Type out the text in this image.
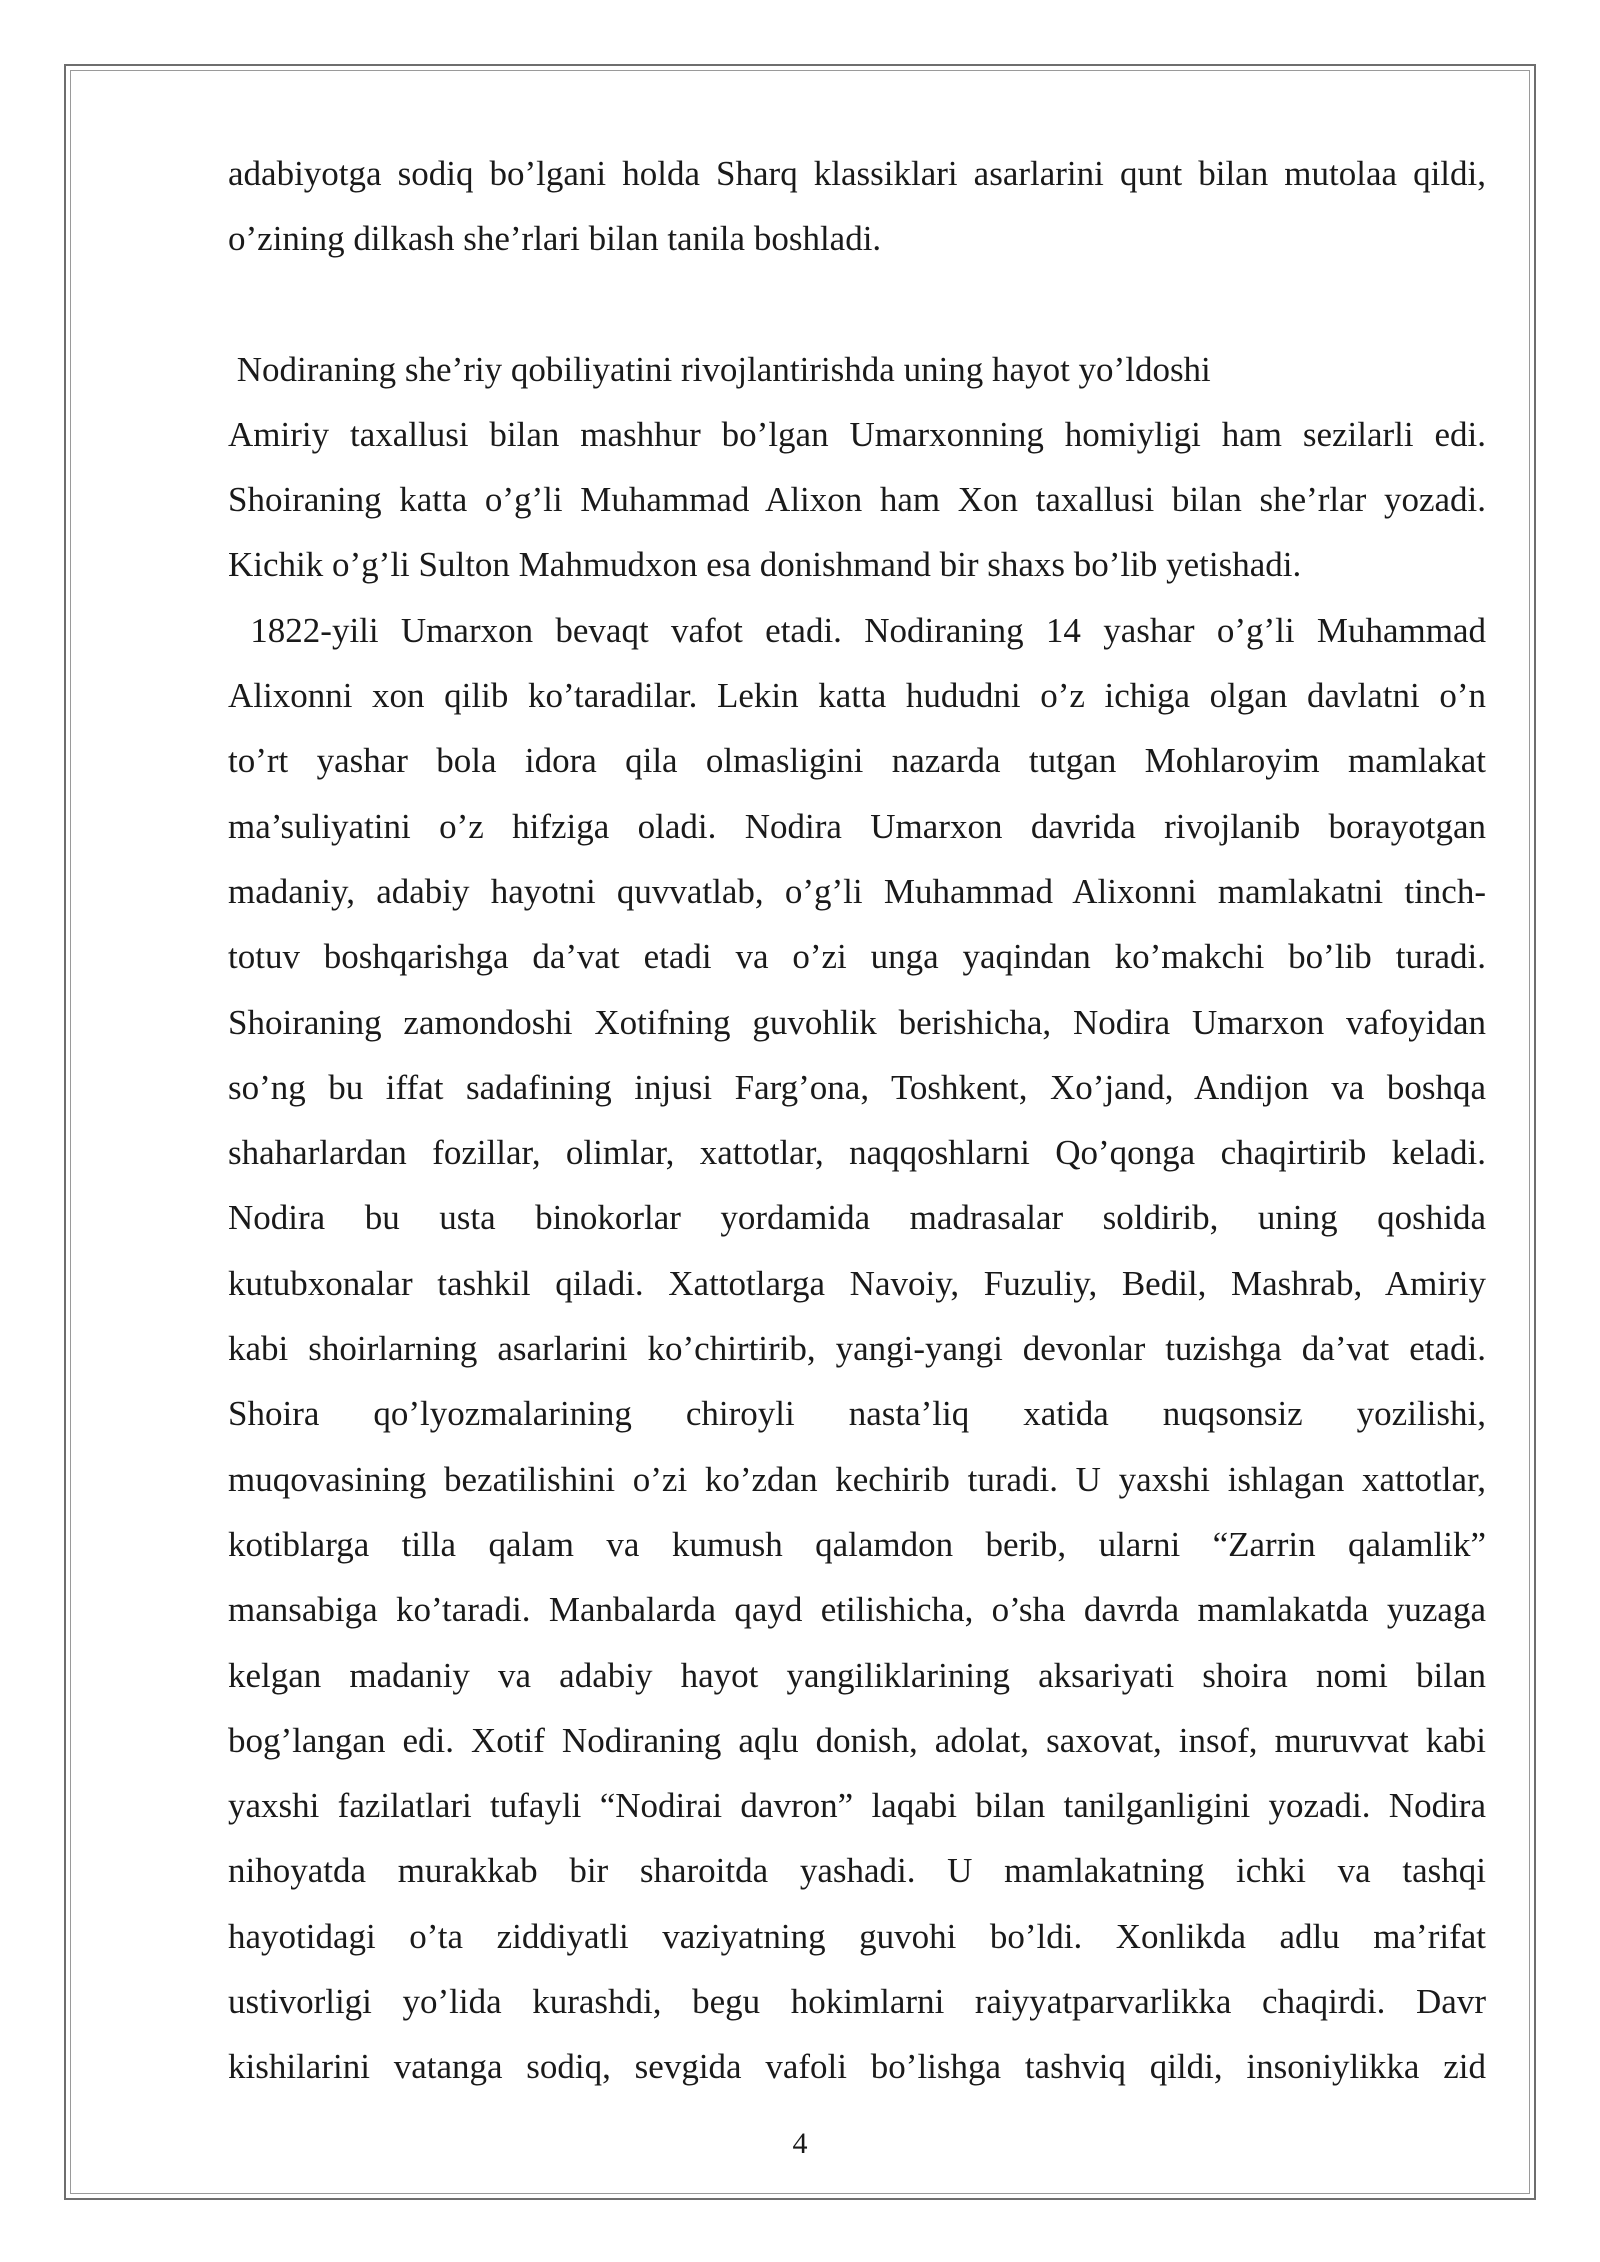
adabiyotga sodiq bo’lgani holda Sharq klassiklari asarlarini qunt bilan mutolaa qildi,
o’zining dilkash she’rlari bilan tanila boshladi.

Nodiraning she’riy qobiliyatini rivojlantirishda uning hayot yo’ldoshi
Amiriy taxallusi bilan mashhur bo’lgan Umarxonning homiyligi ham sezilarli edi.
Shoiraning katta o’g’li Muhammad Alixon ham Xon taxallusi bilan she’rlar yozadi.
Kichik o’g’li Sulton Mahmudxon esa donishmand bir shaxs bo’lib yetishadi.

1822-yili Umarxon bevaqt vafot etadi. Nodiraning 14 yashar o’g’li Muhammad
Alixonni xon qilib ko’taradilar. Lekin katta hududni o’z ichiga olgan davlatni o’n
to’rt yashar bola idora qila olmasligini nazarda tutgan Mohlaroyim mamlakat
ma’suliyatini o’z hifziga oladi. Nodira Umarxon davrida rivojlanib borayotgan
madaniy, adabiy hayotni quvvatlab, o’g’li Muhammad Alixonni mamlakatni tinch-
totuv boshqarishga da’vat etadi va o’zi unga yaqindan ko’makchi bo’lib turadi.
Shoiraning zamondoshi Xotifning guvohlik berishicha, Nodira Umarxon vafoyidan
so’ng bu iffat sadafining injusi Farg’ona, Toshkent, Xo’jand, Andijon va boshqa
shaharlardan fozillar, olimlar, xattotlar, naqqoshlarni Qo’qonga chaqirtirib keladi.
Nodira bu usta binokorlar yordamida madrasalar soldirib, uning qoshida
kutubxonalar tashkil qiladi. Xattotlarga Navoiy, Fuzuliy, Bedil, Mashrab, Amiriy
kabi shoirlarning asarlarini ko’chirtirib, yangi-yangi devonlar tuzishga da’vat etadi.
Shoira qo’lyozmalarining chiroyli nasta’liq xatida nuqsonsiz yozilishi,
muqovasining bezatilishini o’zi ko’zdan kechirib turadi. U yaxshi ishlagan xattotlar,
kotiblarga tilla qalam va kumush qalamdon berib, ularni “Zarrin qalamlik”
mansabiga ko’taradi. Manbalarda qayd etilishicha, o’sha davrda mamlakatda yuzaga
kelgan madaniy va adabiy hayot yangiliklarining aksariyati shoira nomi bilan
bog’langan edi. Xotif Nodiraning aqlu donish, adolat, saxovat, insof, muruvvat kabi
yaxshi fazilatlari tufayli “Nodirai davron” laqabi bilan tanilganligini yozadi. Nodira
nihoyatda murakkab bir sharoitda yashadi. U mamlakatning ichki va tashqi
hayotidagi o’ta ziddiyatli vaziyatning guvohi bo’ldi. Xonlikda adlu ma’rifat
ustivorligi yo’lida kurashdi, begu hokimlarni raiyyatparvarlikka chaqirdi. Davr
kishilarini vatanga sodiq, sevgida vafoli bo’lishga tashviq qildi, insoniylikka zid

4
